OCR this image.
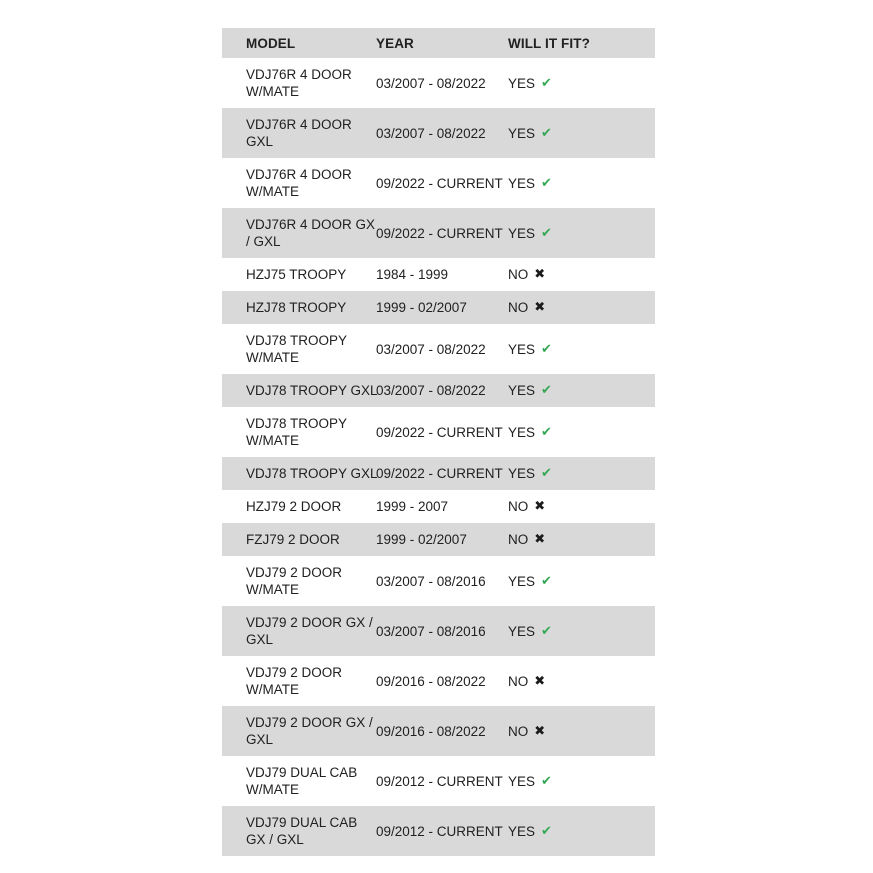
MODEL	YEAR	WILL IT FIT?
VDJ76R 4 DOOR
W/MATE
03/2007 - 08/2022	YES ✔
VDJ76R 4 DOOR
GXL
03/2007 - 08/2022	YES ✔
VDJ76R 4 DOOR
W/MATE
09/2022 - CURRENT YES ✔
VDJ76R 4 DOOR GX
/ GXL
09/2022 - CURRENT YES ✔
HZJ75 TROOPY	1984 - 1999	NO ✖
HZJ78 TROOPY	1999 - 02/2007	NO ✖
VDJ78 TROOPY
W/MATE
03/2007 - 08/2022	YES ✔
VDJ78 TROOPY GXL
03/2007 - 08/2022	YES ✔
VDJ78 TROOPY
W/MATE
09/2022 - CURRENT YES ✔
VDJ78 TROOPY GXL
09/2022 - CURRENT YES ✔
HZJ79 2 DOOR	1999 - 2007	NO ✖
FZJ79 2 DOOR	1999 - 02/2007	NO ✖
VDJ79 2 DOOR
W/MATE
03/2007 - 08/2016	YES ✔
VDJ79 2 DOOR GX /
GXL
03/2007 - 08/2016	YES ✔
VDJ79 2 DOOR
W/MATE
09/2016 - 08/2022	NO ✖
VDJ79 2 DOOR GX /
GXL
09/2016 - 08/2022	NO ✖
VDJ79 DUAL CAB
W/MATE
09/2012 - CURRENT YES ✔
VDJ79 DUAL CAB
GX / GXL
09/2012 - CURRENT YES ✔
